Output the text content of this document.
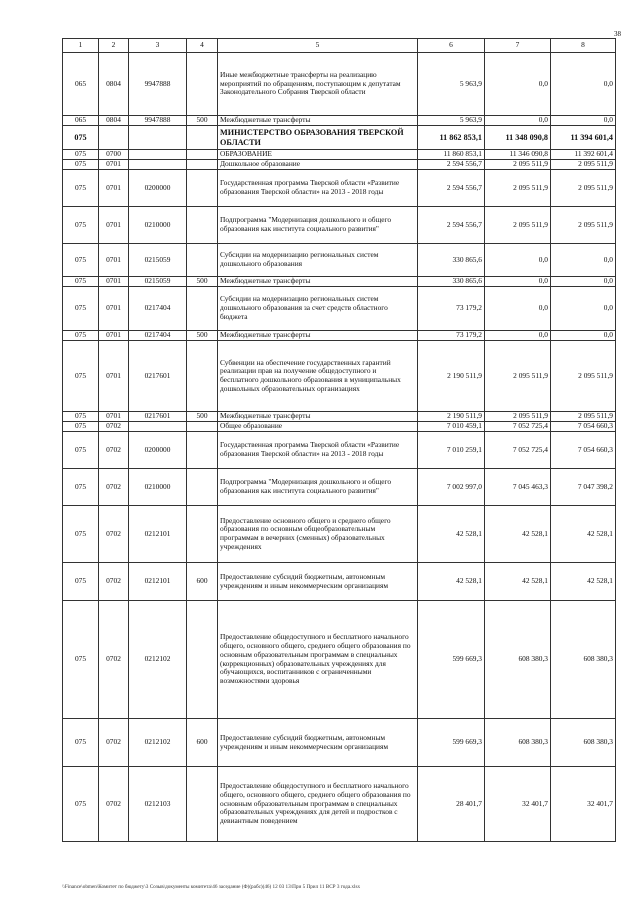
38
1	2	3	4	5	6	7	8
065	0804	9947888		Иные межбюджетные трансферты на реализацию мероприятий по обращениям, поступающим к депутатам Законодательного Собрания Тверской области	5 963,9	0,0	0,0
065	0804	9947888	500	Межбюджетные трансферты	5 963,9	0,0	0,0
075				МИНИСТЕРСТВО ОБРАЗОВАНИЯ ТВЕРСКОЙ ОБЛАСТИ	11 862 853,1	11 348 090,8	11 394 601,4
075	0700			ОБРАЗОВАНИЕ	11 860 853,1	11 346 090,8	11 392 601,4
075	0701			Дошкольное образование	2 594 556,7	2 095 511,9	2 095 511,9
075	0701	0200000		Государственная программа Тверской области «Развитие образования Тверской области» на 2013 - 2018 годы	2 594 556,7	2 095 511,9	2 095 511,9
075	0701	0210000		Подпрограмма "Модернизация дошкольного и общего образования как института социального развития"	2 594 556,7	2 095 511,9	2 095 511,9
075	0701	0215059		Субсидии на модернизацию региональных систем дошкольного образования	330 865,6	0,0	0,0
075	0701	0215059	500	Межбюджетные трансферты	330 865,6	0,0	0,0
075	0701	0217404		Субсидии на модернизацию региональных систем дошкольного образования за счет средств областного бюджета	73 179,2	0,0	0,0
075	0701	0217404	500	Межбюджетные трансферты	73 179,2	0,0	0,0
075	0701	0217601		Субвенции на обеспечение государственных гарантий реализации прав на получение общедоступного и бесплатного дошкольного образования в муниципальных дошкольных образовательных организациях	2 190 511,9	2 095 511,9	2 095 511,9
075	0701	0217601	500	Межбюджетные трансферты	2 190 511,9	2 095 511,9	2 095 511,9
075	0702			Общее образование	7 010 459,1	7 052 725,4	7 054 660,3
075	0702	0200000		Государственная программа Тверской области «Развитие образования Тверской области» на 2013 - 2018 годы	7 010 259,1	7 052 725,4	7 054 660,3
075	0702	0210000		Подпрограмма "Модернизация дошкольного и общего образования как института социального развития"	7 002 997,0	7 045 463,3	7 047 398,2
075	0702	0212101		Предоставление основного общего и среднего общего образования по основным общеобразовательным программам в вечерних (сменных) образовательных учреждениях	42 528,1	42 528,1	42 528,1
075	0702	0212101	600	Предоставление субсидий бюджетным, автономным учреждениям и иным некоммерческим организациям	42 528,1	42 528,1	42 528,1
075	0702	0212102		Предоставление общедоступного и бесплатного начального общего, основного общего, среднего общего образования по основным образовательным программам в специальных (коррекционных) образовательных учреждениях для обучающихся, воспитанников с ограниченными возможностями здоровья	599 669,3	608 380,3	608 380,3
075	0702	0212102	600	Предоставление субсидий бюджетным, автономным учреждениям и иным некоммерческим организациям	599 669,3	608 380,3	608 380,3
075	0702	0212103		Предоставление общедоступного и бесплатного начального общего, основного общего, среднего общего образования по основным образовательным программам в специальных образовательных учреждениях для детей и подростков с девиантным поведением	28 401,7	32 401,7	32 401,7
\\Finance\obmen\Комитет по бюджету\3 Созыв\документы комитета\46 заседание (Ф)(рабс)(46) 12 03 13\При 5 Прил 11 ВСР 3 года.xlsx
